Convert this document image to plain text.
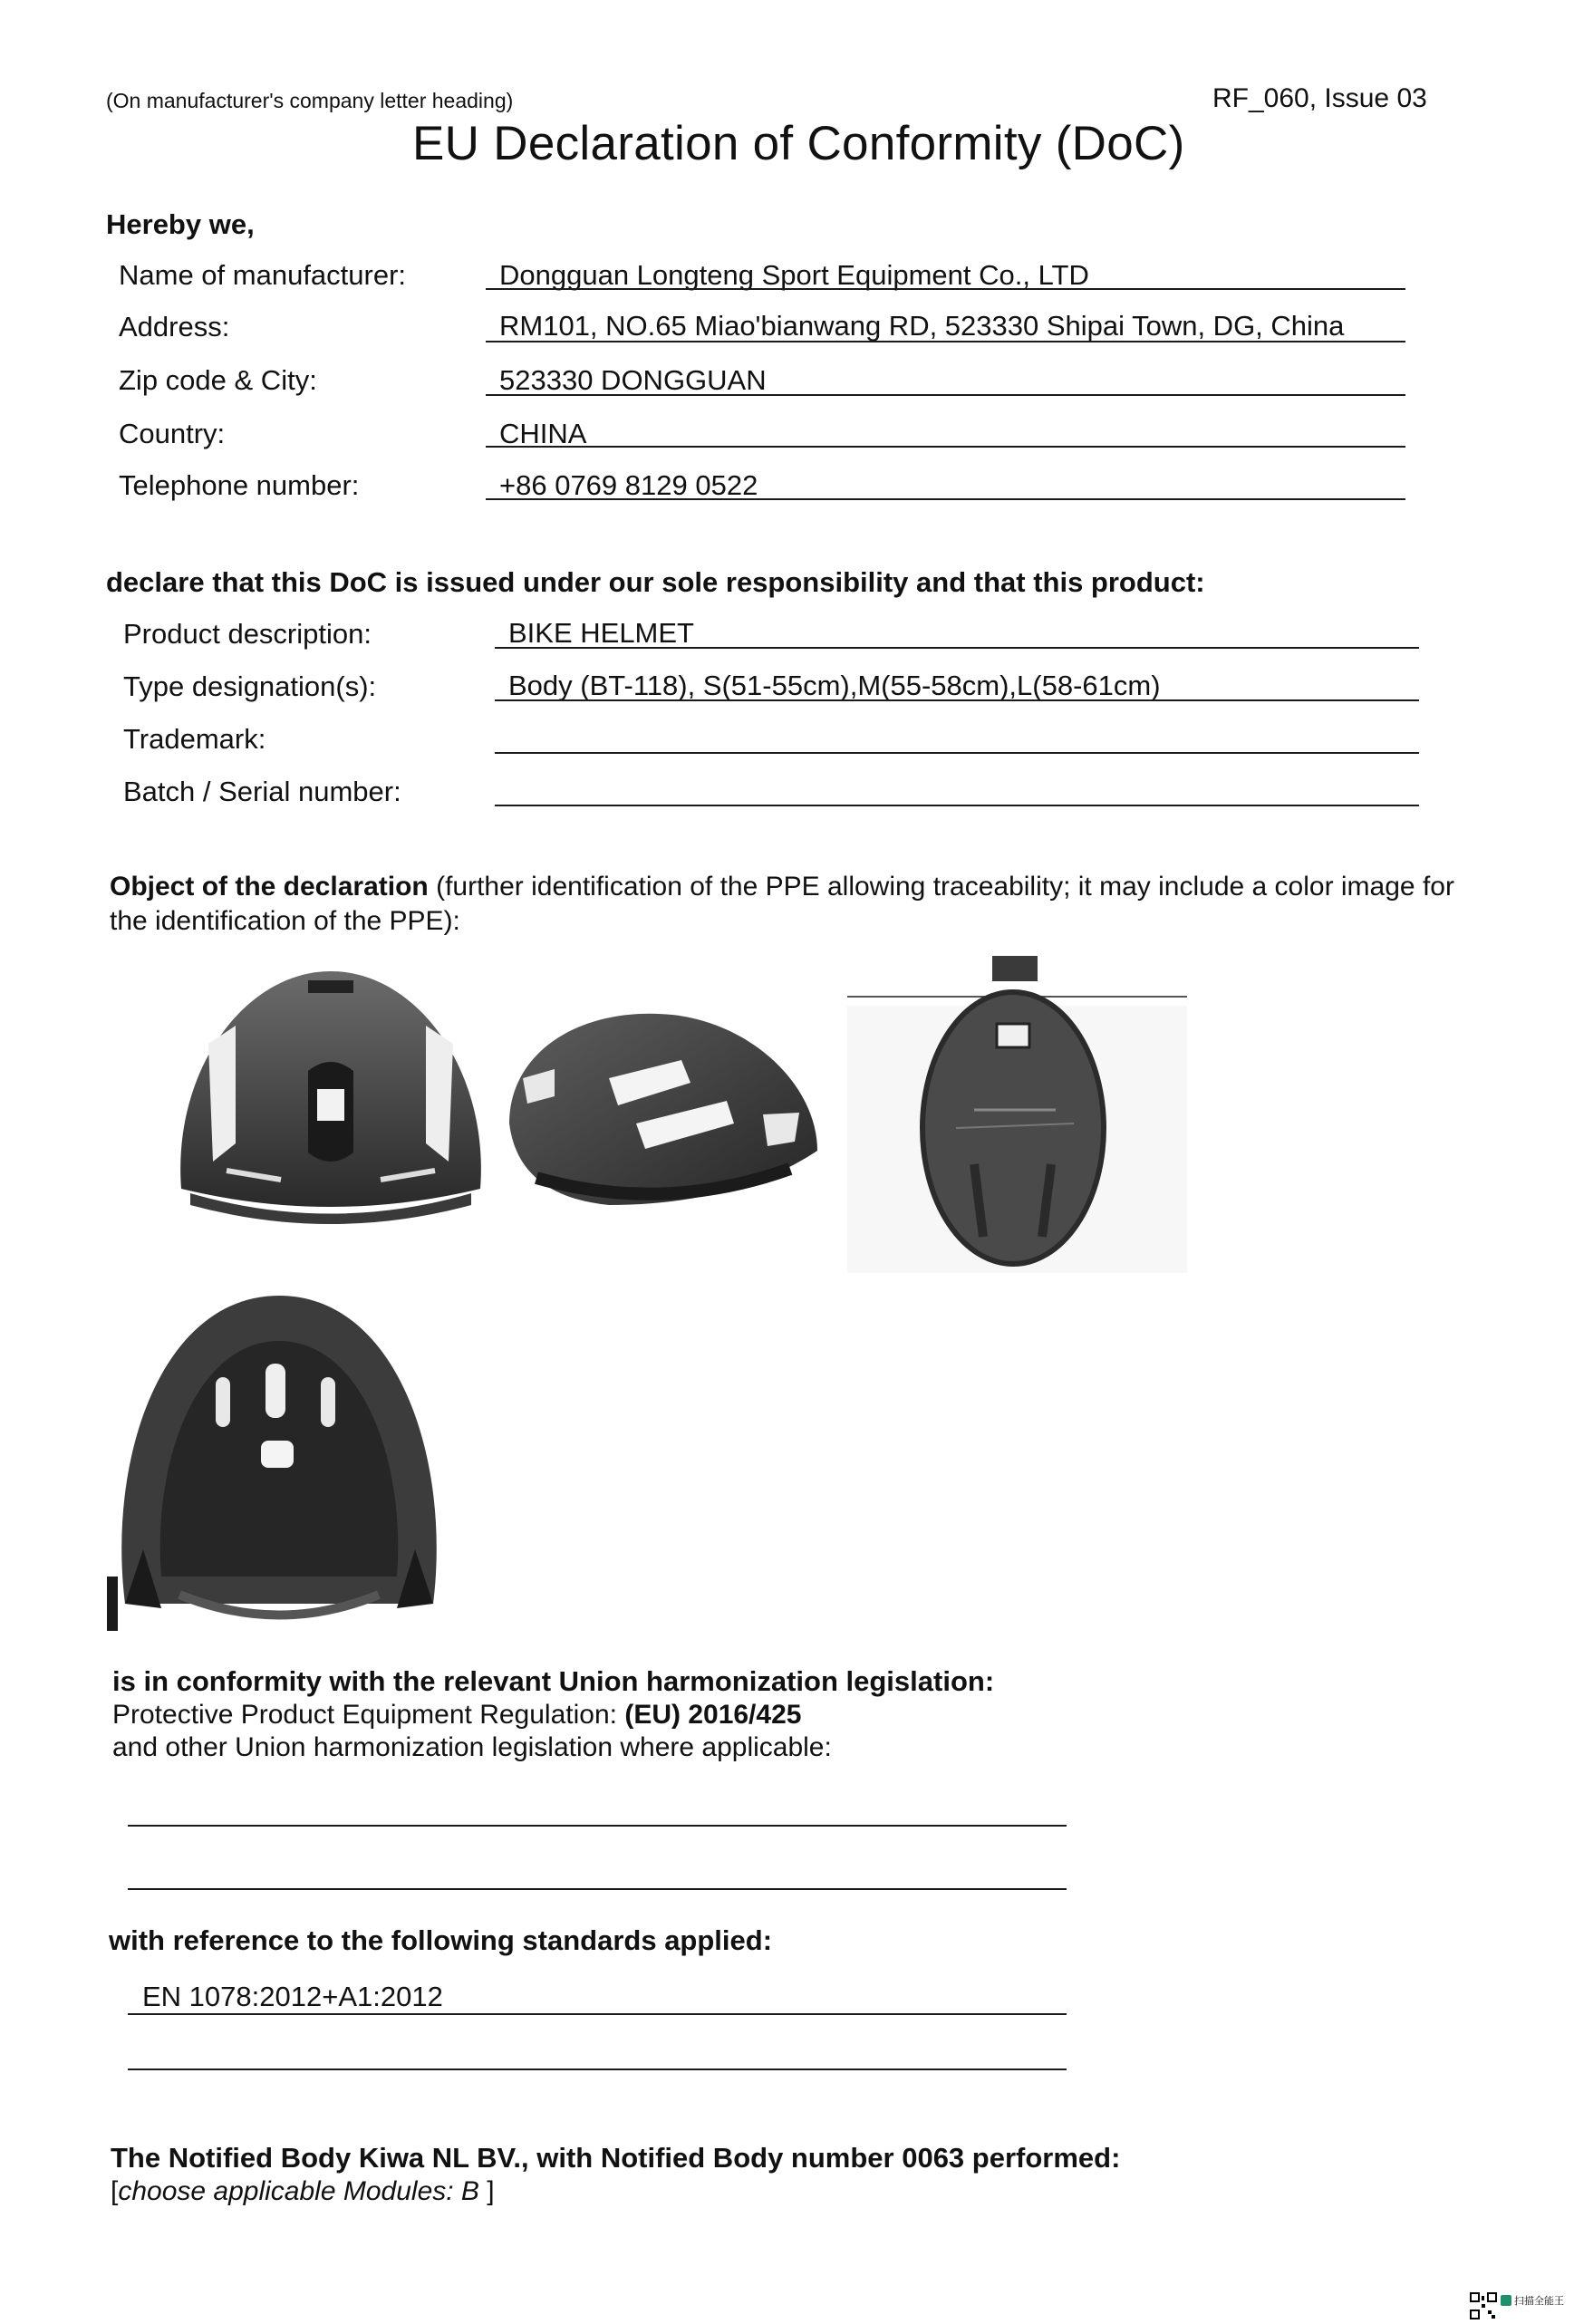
(On manufacturer's company letter heading)	RF_060, Issue 03
EU Declaration of Conformity (DoC)
Hereby we,
Name of manufacturer:	Dongguan Longteng Sport Equipment Co., LTD
Address:	RM101, NO.65 Miao'bianwang RD, 523330 Shipai Town, DG, China
Zip code & City:	523330 DONGGUAN
Country:	CHINA
Telephone number:	+86 0769 8129 0522
declare that this DoC is issued under our sole responsibility and that this product:
Product description:	BIKE HELMET
Type designation(s):	Body (BT-118), S(51-55cm),M(55-58cm),L(58-61cm)
Trademark:
Batch / Serial number:
Object of the declaration (further identification of the PPE allowing traceability; it may include a color image for the identification of the PPE):
is in conformity with the relevant Union harmonization legislation:
Protective Product Equipment Regulation: (EU) 2016/425
and other Union harmonization legislation where applicable:
with reference to the following standards applied:
EN 1078:2012+A1:2012
The Notified Body Kiwa NL BV., with Notified Body number 0063 performed:
[choose applicable Modules: B ]
扫描全能王
